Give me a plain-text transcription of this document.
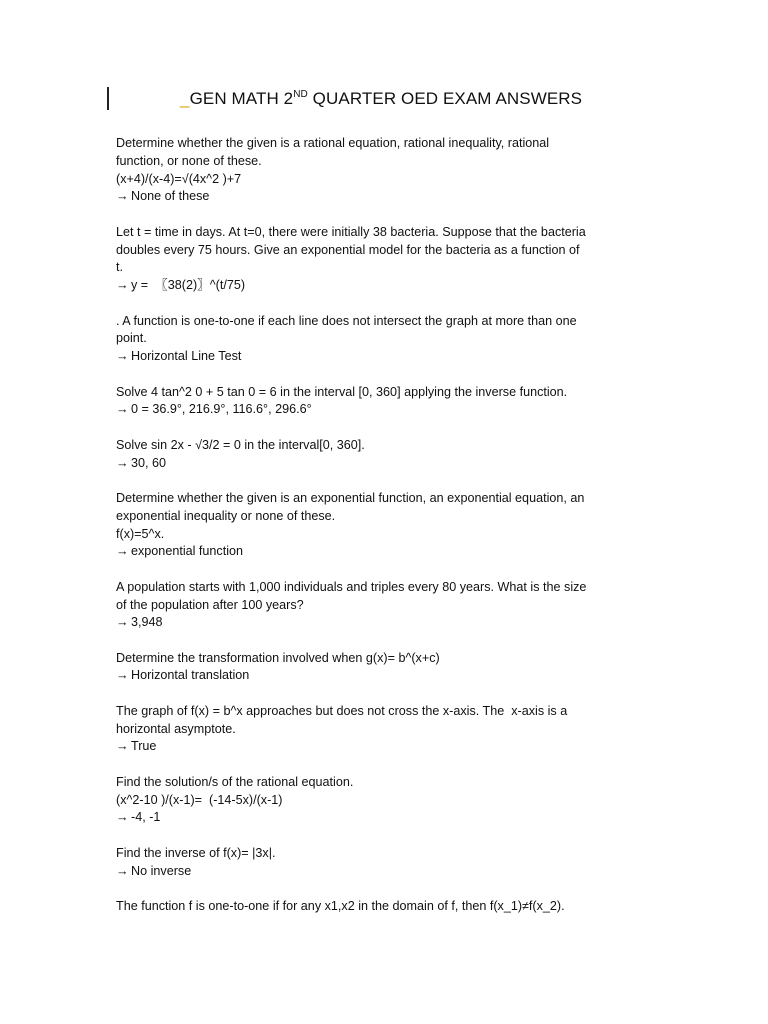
_GEN MATH 2ND QUARTER OED EXAM ANSWERS
Determine whether the given is a rational equation, rational inequality, rational
function, or none of these.
(x+4)/(x-4)=√(4x^2 )+7
→ None of these
Let t = time in days. At t=0, there were initially 38 bacteria. Suppose that the bacteria
doubles every 75 hours. Give an exponential model for the bacteria as a function of
t.
→ y =  〖38(2)〗^(t/75)
. A function is one-to-one if each line does not intersect the graph at more than one
point.
→ Horizontal Line Test
Solve 4 tan^2 0 + 5 tan 0 = 6 in the interval [0, 360] applying the inverse function.
→ 0 = 36.9°, 216.9°, 116.6°, 296.6°
Solve sin 2x - √3/2 = 0 in the interval[0, 360].
→ 30, 60
Determine whether the given is an exponential function, an exponential equation, an
exponential inequality or none of these.
f(x)=5^x.
→ exponential function
A population starts with 1,000 individuals and triples every 80 years. What is the size
of the population after 100 years?
→ 3,948
Determine the transformation involved when g(x)= b^(x+c)
→ Horizontal translation
The graph of f(x) = b^x approaches but does not cross the x-axis. The  x-axis is a
horizontal asymptote.
→ True
Find the solution/s of the rational equation.
(x^2-10 )/(x-1)=  (-14-5x)/(x-1)
→ -4, -1
Find the inverse of f(x)= |3x|.
→ No inverse
The function f is one-to-one if for any x1,x2 in the domain of f, then f(x_1)≠f(x_2).
